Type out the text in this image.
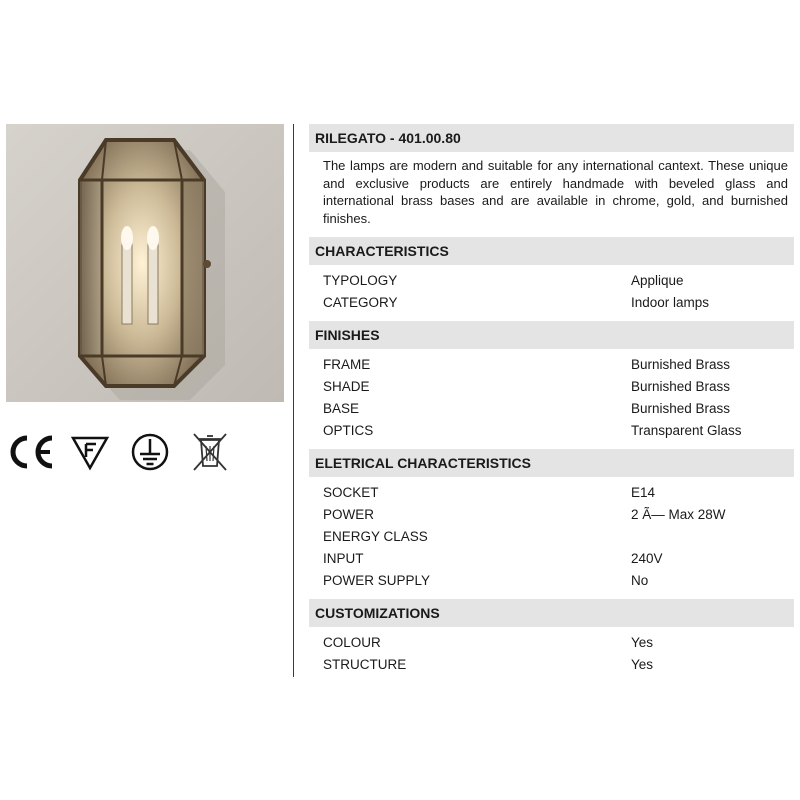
RILEGATO - 401.00.80
The lamps are modern and suitable for any international cantext. These unique and exclusive products are entirely handmade with beveled glass and international brass bases and are available in chrome, gold, and burnished finishes.
CHARACTERISTICS
TYPOLOGY	Applique
CATEGORY	Indoor lamps
FINISHES
FRAME	Burnished Brass
SHADE	Burnished Brass
BASE	Burnished Brass
OPTICS	Transparent Glass
ELETRICAL CHARACTERISTICS
SOCKET	E14
POWER	2 Ã— Max 28W
ENERGY CLASS
INPUT	240V
POWER SUPPLY	No
CUSTOMIZATIONS
COLOUR	Yes
STRUCTURE	Yes
